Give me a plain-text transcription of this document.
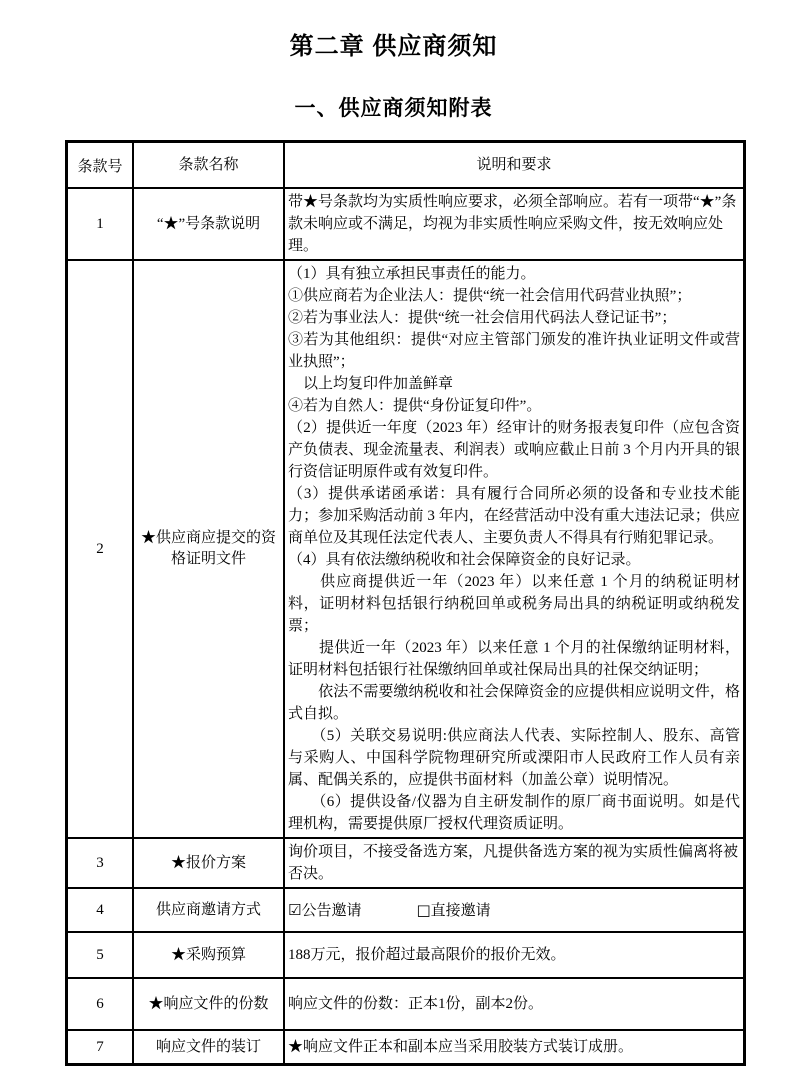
第二章 供应商须知
一、供应商须知附表
条款号	条款名称	说明和要求
1	“★”号条款说明	带★号条款均为实质性响应要求，必须全部响应。若有一项带“★”条款未响应或不满足，均视为非实质性响应采购文件，按无效响应处理。
2	★供应商应提交的资格证明文件	

（1）具有独立承担民事责任的能力。

①供应商若为企业法人：提供“统一社会信用代码营业执照”；

②若为事业法人：提供“统一社会信用代码法人登记证书”；

③若为其他组织：提供“对应主管部门颁发的准许执业证明文件或营业执照”；

　以上均复印件加盖鲜章

④若为自然人：提供“身份证复印件”。

（2）提供近一年度（2023 年）经审计的财务报表复印件（应包含资产负债表、现金流量表、利润表）或响应截止日前 3 个月内开具的银行资信证明原件或有效复印件。

（3）提供承诺函承诺：具有履行合同所必须的设备和专业技术能力；参加采购活动前 3 年内，在经营活动中没有重大违法记录；供应商单位及其现任法定代表人、主要负责人不得具有行贿犯罪记录。

（4）具有依法缴纳税收和社会保障资金的良好记录。

　　供应商提供近一年（2023 年）以来任意 1 个月的纳税证明材料，证明材料包括银行纳税回单或税务局出具的纳税证明或纳税发票；

　　提供近一年（2023 年）以来任意 1 个月的社保缴纳证明材料，证明材料包括银行社保缴纳回单或社保局出具的社保交纳证明；

　　依法不需要缴纳税收和社会保障资金的应提供相应说明文件，格式自拟。

　　（5）关联交易说明:供应商法人代表、实际控制人、股东、高管与采购人、中国科学院物理研究所或溧阳市人民政府工作人员有亲属、配偶关系的，应提供书面材料（加盖公章）说明情况。

　　（6）提供设备/仪器为自主研发制作的原厂商书面说明。如是代理机构，需要提供原厂授权代理资质证明。

3	★报价方案	询价项目，不接受备选方案，凡提供备选方案的视为实质性偏离将被否决。
4	供应商邀请方式	☑公告邀请 □直接邀请
5	★采购预算	188万元，报价超过最高限价的报价无效。
6	★响应文件的份数	响应文件的份数：正本1份，副本2份。
7	响应文件的装订	★响应文件正本和副本应当采用胶装方式装订成册。
